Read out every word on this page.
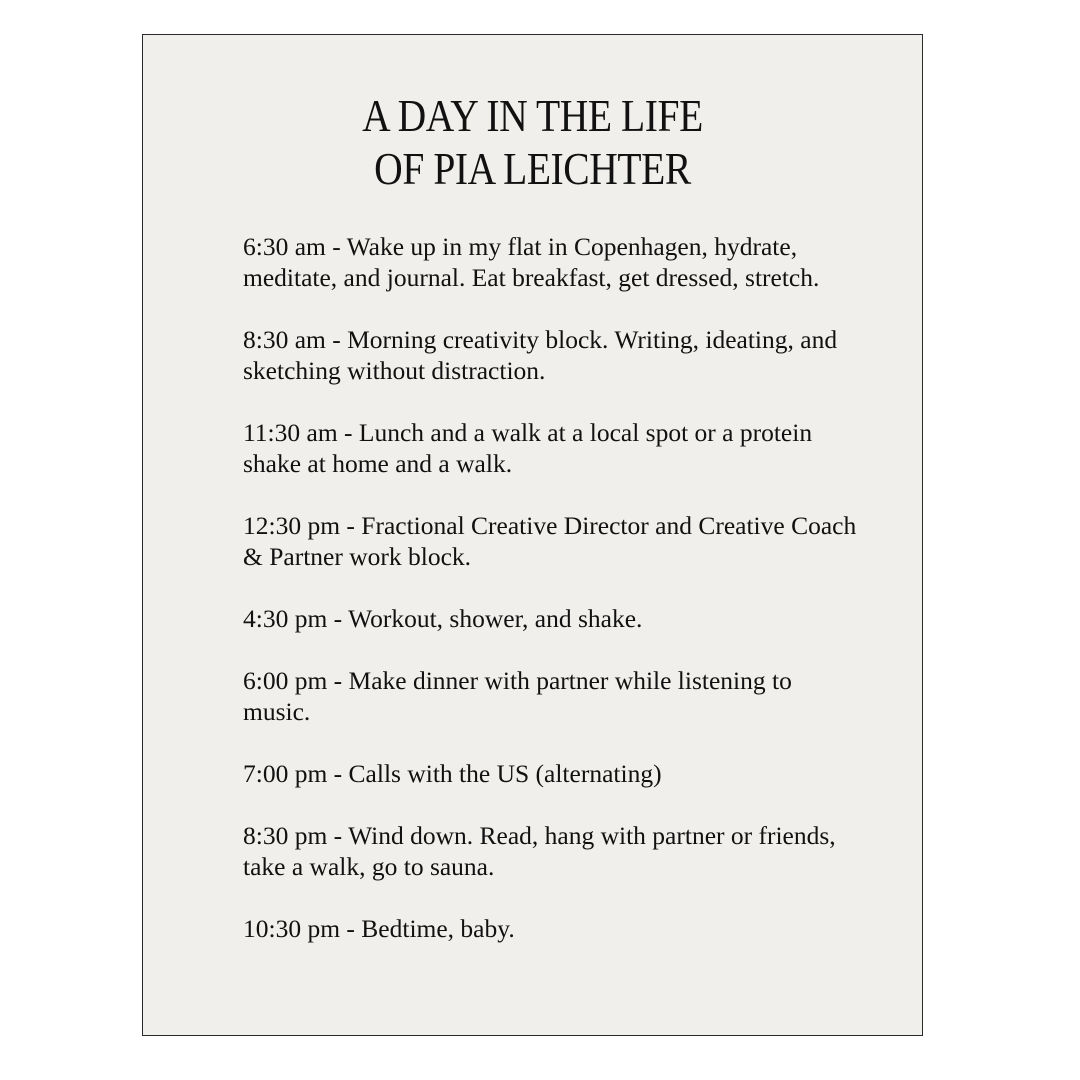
A DAY IN THE LIFE
OF PIA LEICHTER
6:30 am - Wake up in my flat in Copenhagen, hydrate, meditate, and journal. Eat breakfast, get dressed, stretch.
8:30 am - Morning creativity block. Writing, ideating, and sketching without distraction.
11:30 am - Lunch and a walk at a local spot or a protein shake at home and a walk.
12:30 pm - Fractional Creative Director and Creative Coach & Partner work block.
4:30 pm - Workout, shower, and shake.
6:00 pm - Make dinner with partner while listening to music.
7:00 pm - Calls with the US (alternating)
8:30 pm - Wind down. Read, hang with partner or friends, take a walk, go to sauna.
10:30 pm - Bedtime, baby.
